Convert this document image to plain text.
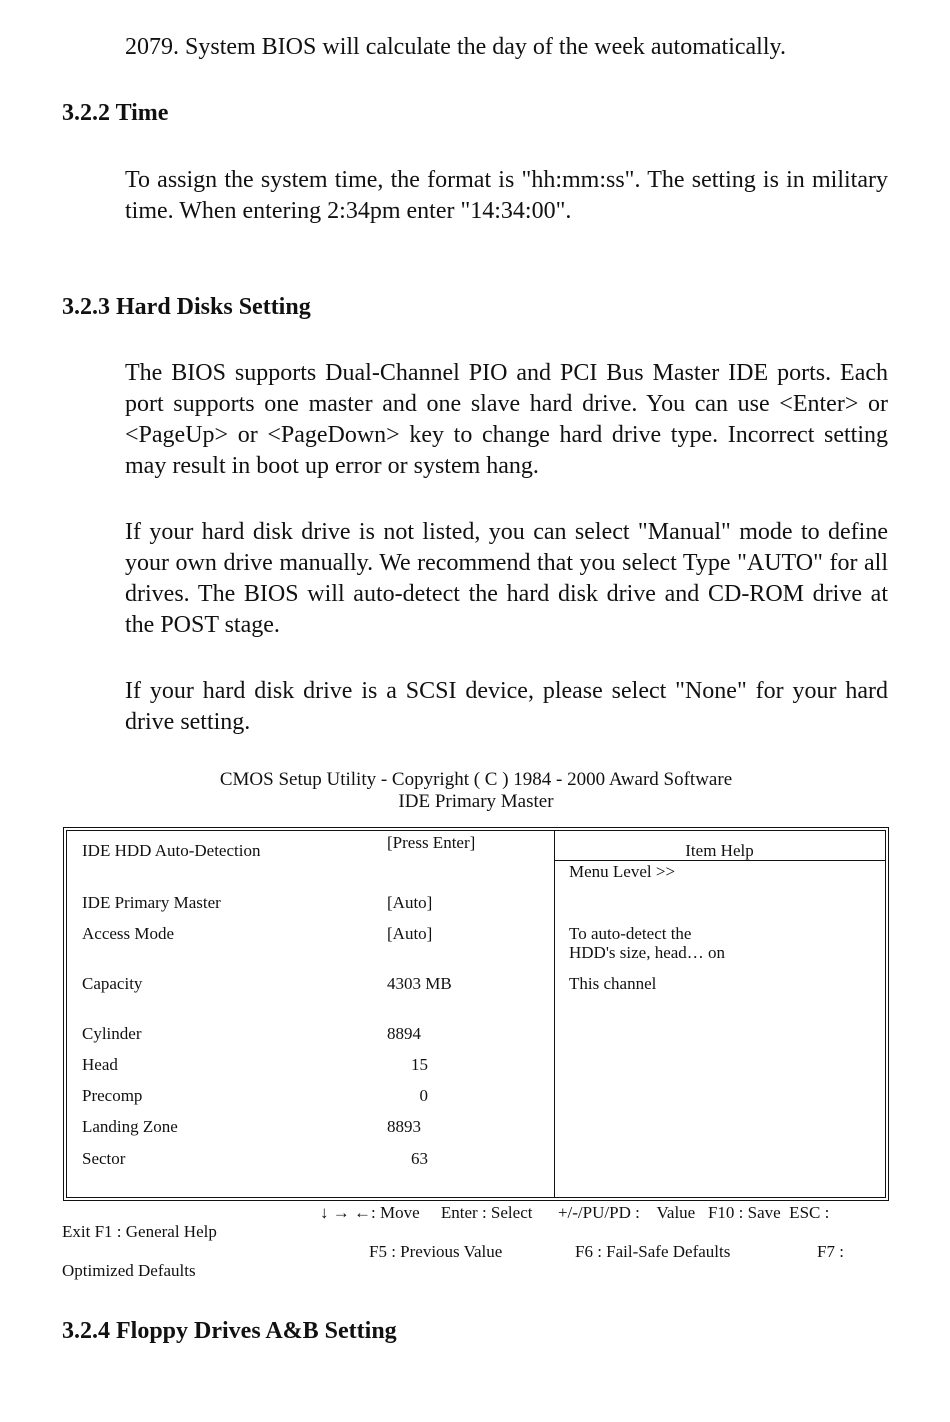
2079. System BIOS will calculate the day of the week automatically.
3.2.2 Time
To assign the system time, the format is "hh:mm:ss". The setting is in military time. When entering 2:34pm enter "14:34:00".
3.2.3 Hard Disks Setting
The BIOS supports Dual-Channel PIO and PCI Bus Master IDE ports. Each port supports one master and one slave hard drive. You can use <Enter> or <PageUp> or <PageDown> key to change hard drive type. Incorrect setting may result in boot up error or system hang.
If your hard disk drive is not listed, you can select "Manual" mode to define your own drive manually. We recommend that you select Type "AUTO" for all drives. The BIOS will auto-detect the hard disk drive and CD-ROM drive at the POST stage.
If your hard disk drive is a SCSI device, please select "None" for your hard drive setting.
CMOS Setup Utility - Copyright ( C ) 1984 - 2000 Award Software
IDE Primary Master
IDE HDD Auto-Detection	[Press Enter]
IDE Primary Master	[Auto]
Access Mode	[Auto]
Capacity	4303 MB
Cylinder	8894
Head	15
Precomp	0
Landing Zone	8893
Sector	63
Item Help
Menu Level >>
To auto-detect the
HDD's size, head… on
This channel
↓ → ←: Move     Enter : Select      +/-/PU/PD :    Value   F10 : Save  ESC :
Exit F1 : General Help
F5 : Previous Value	F6 : Fail-Safe Defaults	F7 :
Optimized Defaults
3.2.4 Floppy Drives A&B Setting
